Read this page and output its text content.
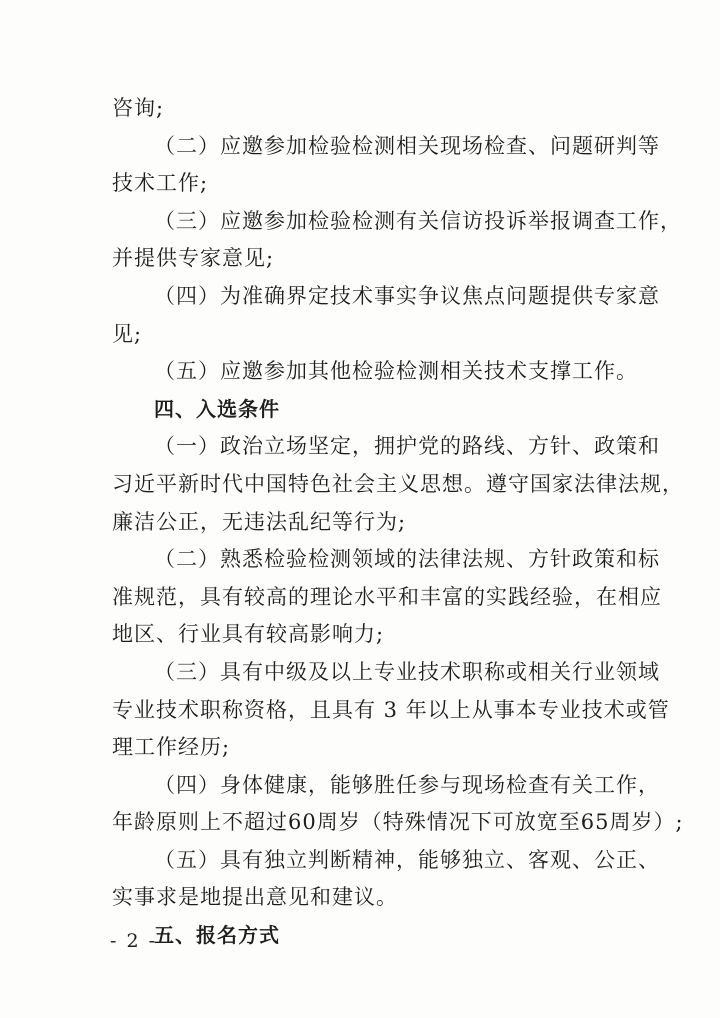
咨询;
（二）应邀参加检验检测相关现场检查、问题研判等
技术工作;
（三）应邀参加检验检测有关信访投诉举报调查工作，
并提供专家意见;
（四）为准确界定技术事实争议焦点问题提供专家意
见;
（五）应邀参加其他检验检测相关技术支撑工作。
四、入选条件
（一）政治立场坚定，拥护党的路线、方针、政策和
习近平新时代中国特色社会主义思想。遵守国家法律法规，
廉洁公正，无违法乱纪等行为;
（二）熟悉检验检测领域的法律法规、方针政策和标
准规范，具有较高的理论水平和丰富的实践经验，在相应
地区、行业具有较高影响力;
（三）具有中级及以上专业技术职称或相关行业领域
专业技术职称资格，且具有 3 年以上从事本专业技术或管
理工作经历;
（四）身体健康，能够胜任参与现场检查有关工作，
年龄原则上不超过60周岁（特殊情况下可放宽至65周岁）;
（五）具有独立判断精神，能够独立、客观、公正、
实事求是地提出意见和建议。
五、报名方式
- 2 -
